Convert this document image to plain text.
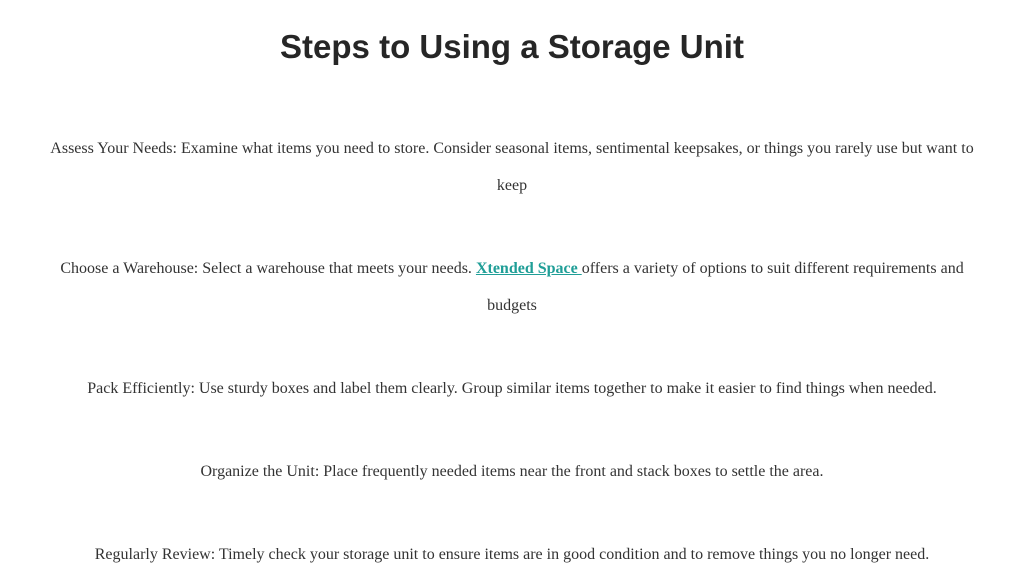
Steps to Using a Storage Unit

Assess Your Needs: Examine what items you need to store. Consider seasonal items, sentimental keepsakes, or things you rarely use but want to keep

Choose a Warehouse: Select a warehouse that meets your needs. Xtended Space offers a variety of options to suit different requirements and budgets

Pack Efficiently: Use sturdy boxes and label them clearly. Group similar items together to make it easier to find things when needed.

Organize the Unit: Place frequently needed items near the front and stack boxes to settle the area.

Regularly Review: Timely check your storage unit to ensure items are in good condition and to remove things you no longer need.
